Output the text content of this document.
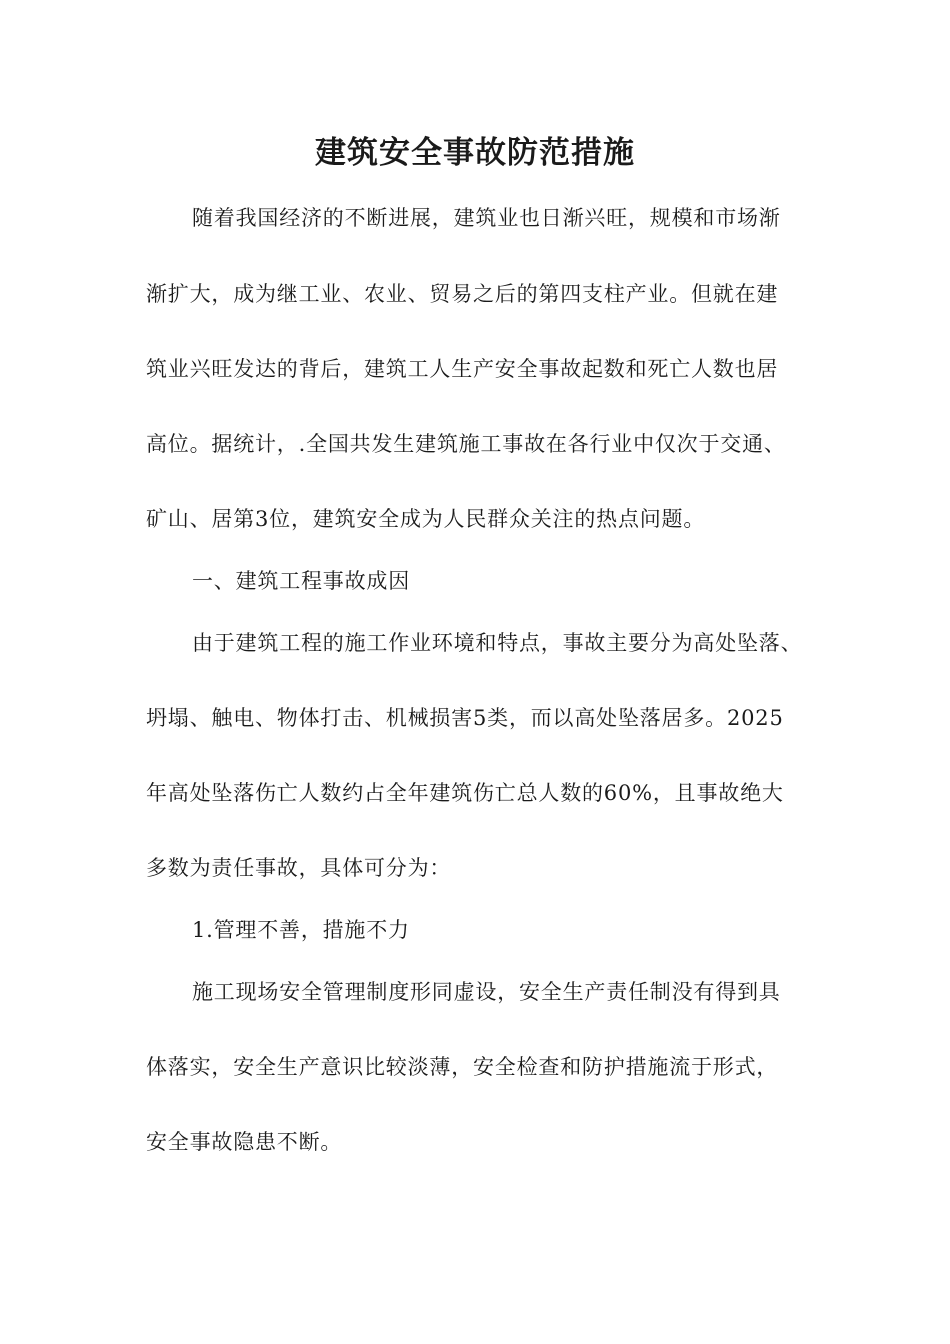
建筑安全事故防范措施

随着我国经济的不断进展，建筑业也日渐兴旺，规模和市场渐

渐扩大，成为继工业、农业、贸易之后的第四支柱产业。但就在建

筑业兴旺发达的背后，建筑工人生产安全事故起数和死亡人数也居

高位。据统计，.全国共发生建筑施工事故在各行业中仅次于交通、

矿山、居第3位，建筑安全成为人民群众关注的热点问题。

一、建筑工程事故成因

由于建筑工程的施工作业环境和特点，事故主要分为高处坠落、

坍塌、触电、物体打击、机械损害5类，而以高处坠落居多。2025

年高处坠落伤亡人数约占全年建筑伤亡总人数的60%，且事故绝大

多数为责任事故，具体可分为：

1.管理不善，措施不力

施工现场安全管理制度形同虚设，安全生产责任制没有得到具

体落实，安全生产意识比较淡薄，安全检查和防护措施流于形式，

安全事故隐患不断。
